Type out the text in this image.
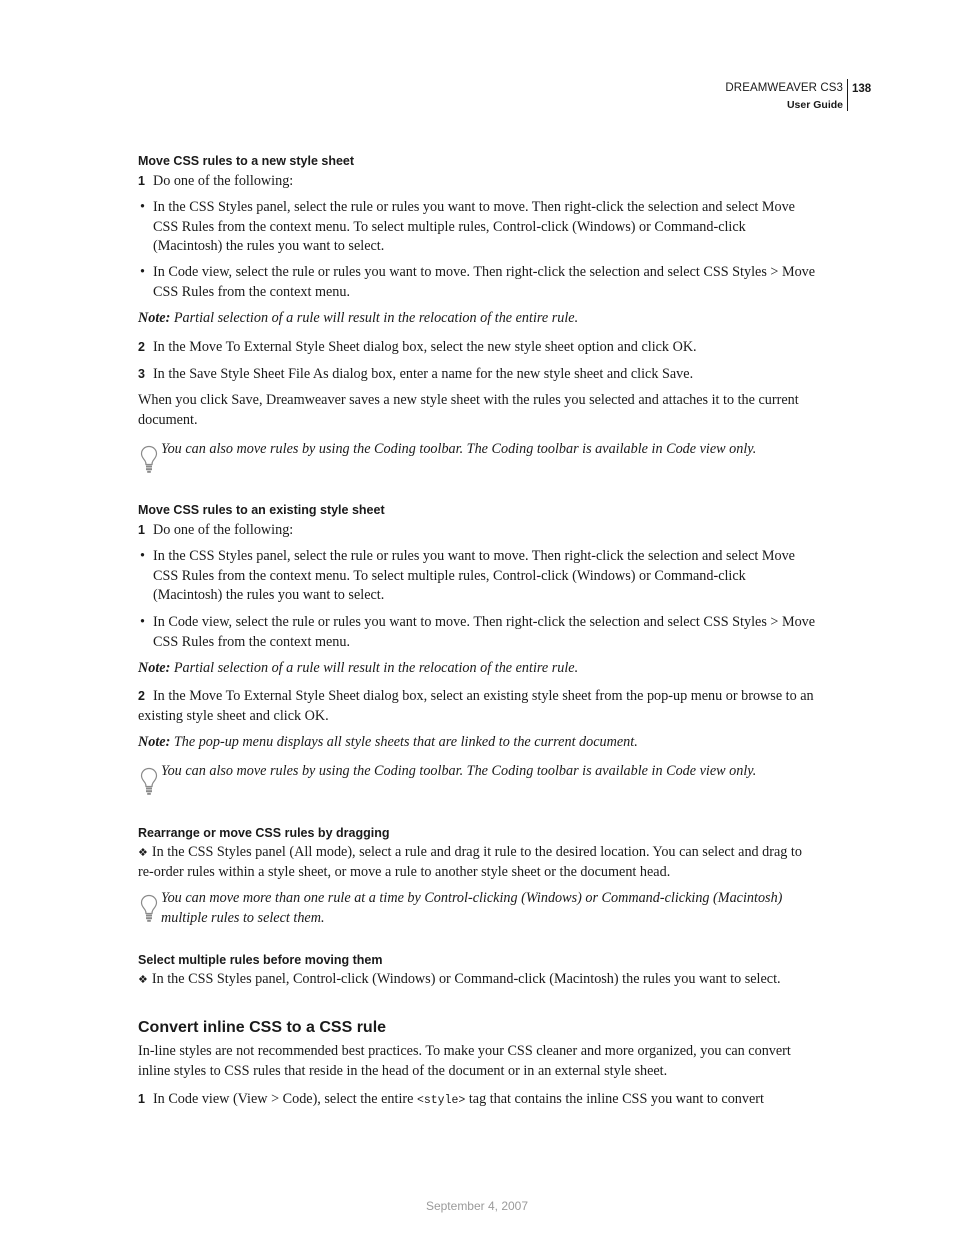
DREAMWEAVER CS3
User Guide
138
Move CSS rules to a new style sheet
1 Do one of the following:
• In the CSS Styles panel, select the rule or rules you want to move. Then right-click the selection and select Move CSS Rules from the context menu. To select multiple rules, Control-click (Windows) or Command-click (Macintosh) the rules you want to select.
• In Code view, select the rule or rules you want to move. Then right-click the selection and select CSS Styles > Move CSS Rules from the context menu.
Note: Partial selection of a rule will result in the relocation of the entire rule.
2 In the Move To External Style Sheet dialog box, select the new style sheet option and click OK.
3 In the Save Style Sheet File As dialog box, enter a name for the new style sheet and click Save.
When you click Save, Dreamweaver saves a new style sheet with the rules you selected and attaches it to the current document.
You can also move rules by using the Coding toolbar. The Coding toolbar is available in Code view only.
Move CSS rules to an existing style sheet
1 Do one of the following:
• In the CSS Styles panel, select the rule or rules you want to move. Then right-click the selection and select Move CSS Rules from the context menu. To select multiple rules, Control-click (Windows) or Command-click (Macintosh) the rules you want to select.
• In Code view, select the rule or rules you want to move. Then right-click the selection and select CSS Styles > Move CSS Rules from the context menu.
Note: Partial selection of a rule will result in the relocation of the entire rule.
2 In the Move To External Style Sheet dialog box, select an existing style sheet from the pop-up menu or browse to an existing style sheet and click OK.
Note: The pop-up menu displays all style sheets that are linked to the current document.
You can also move rules by using the Coding toolbar. The Coding toolbar is available in Code view only.
Rearrange or move CSS rules by dragging
❖ In the CSS Styles panel (All mode), select a rule and drag it rule to the desired location. You can select and drag to re-order rules within a style sheet, or move a rule to another style sheet or the document head.
You can move more than one rule at a time by Control-clicking (Windows) or Command-clicking (Macintosh) multiple rules to select them.
Select multiple rules before moving them
❖ In the CSS Styles panel, Control-click (Windows) or Command-click (Macintosh) the rules you want to select.
Convert inline CSS to a CSS rule
In-line styles are not recommended best practices. To make your CSS cleaner and more organized, you can convert inline styles to CSS rules that reside in the head of the document or in an external style sheet.
1 In Code view (View > Code), select the entire <style> tag that contains the inline CSS you want to convert
September 4, 2007
